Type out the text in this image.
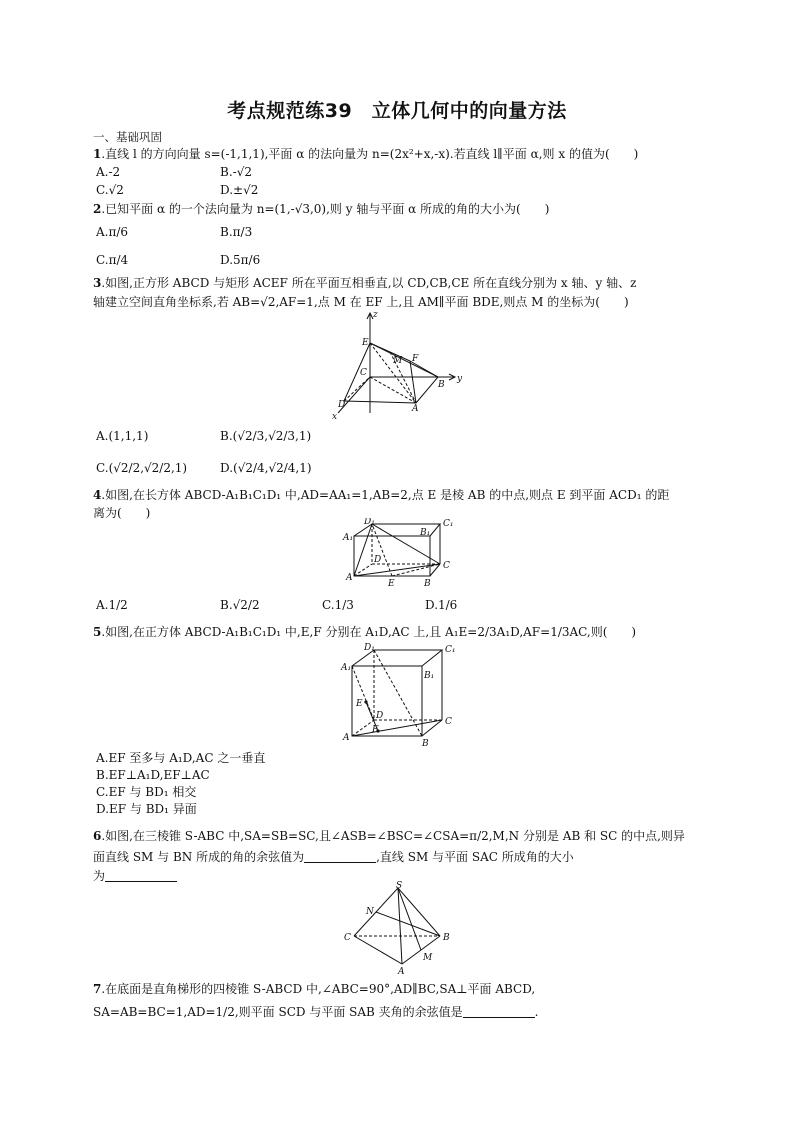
考点规范练39　立体几何中的向量方法
一、基础巩固
1.直线 l 的方向向量 s=(-1,1,1),平面 α 的法向量为 n=(2x²+x,-x).若直线 l∥平面 α,则 x 的值为(　　)
A.-2	B.-√2
C.√2	D.±√2
2.已知平面 α 的一个法向量为 n=(1,-√3,0),则 y 轴与平面 α 所成的角的大小为(　　)
A.π/6	B.π/3
C.π/4	D.5π/6
3.如图,正方形 ABCD 与矩形 ACEF 所在平面互相垂直,以 CD,CB,CE 所在直线分别为 x 轴、y 轴、z
轴建立空间直角坐标系,若 AB=√2,AF=1,点 M 在 EF 上,且 AM∥平面 BDE,则点 M 的坐标为(　　)
z
E
F
M
C
B
y
D	A
x
A.(1,1,1)	B.(√2/3,√2/3,1)
C.(√2/2,√2/2,1)	D.(√2/4,√2/4,1)
4.如图,在长方体 ABCD-A₁B₁C₁D₁ 中,AD=AA₁=1,AB=2,点 E 是棱 AB 的中点,则点 E 到平面 ACD₁ 的距
离为(　　)
D₁	C₁
A₁	B₁
D
C
A
E	B
A.1/2	B.√2/2	C.1/3	D.1/6
5.如图,在正方体 ABCD-A₁B₁C₁D₁ 中,E,F 分别在 A₁D,AC 上,且 A₁E=2/3A₁D,AF=1/3AC,则(　　)
D₁	C₁
A₁
B₁
E
D
F
C
A
B
A.EF 至多与 A₁D,AC 之一垂直
B.EF⊥A₁D,EF⊥AC
C.EF 与 BD₁ 相交
D.EF 与 BD₁ 异面
6.如图,在三棱锥 S-ABC 中,SA=SB=SC,且∠ASB=∠BSC=∠CSA=π/2,M,N 分别是 AB 和 SC 的中点,则异
面直线 SM 与 BN 所成的角的余弦值为	,直线 SM 与平面 SAC 所成角的大小
为
S
N
C	B
M
A
7.在底面是直角梯形的四棱锥 S-ABCD 中,∠ABC=90°,AD∥BC,SA⊥平面 ABCD,
SA=AB=BC=1,AD=1/2,则平面 SCD 与平面 SAB 夹角的余弦值是	.
